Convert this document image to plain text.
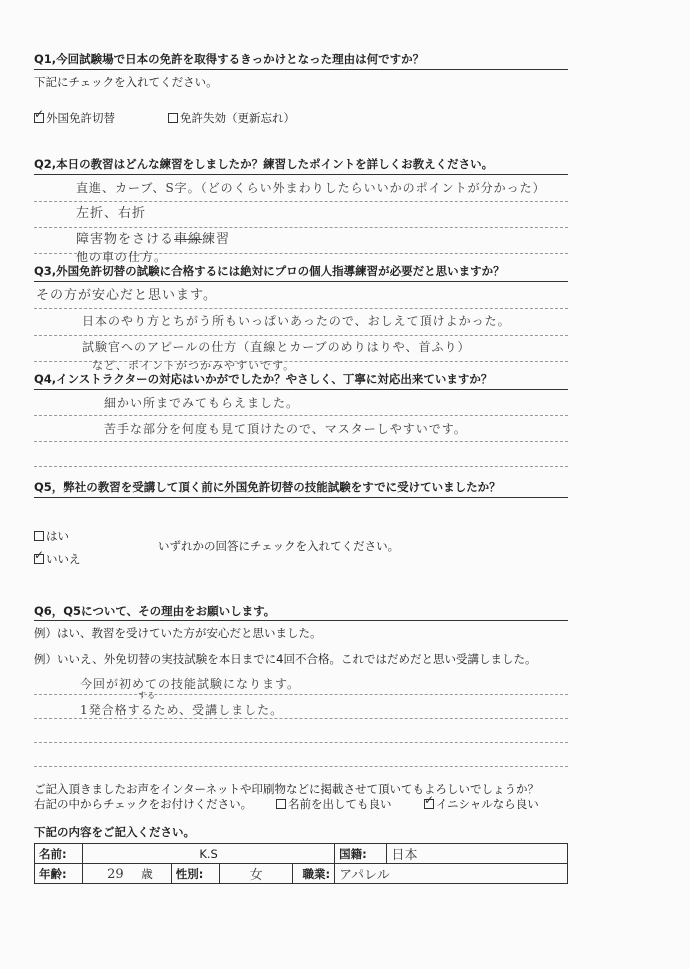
Q1,今回試験場で日本の免許を取得するきっかけとなった理由は何ですか？
下記にチェックを入れてください。
✓ 外国免許切替	免許失効（更新忘れ）
Q2,本日の教習はどんな練習をしましたか？練習したポイントを詳しくお教えください。
直進、カーブ、S字。（どのくらい外まわりしたらいいかのポイントが分かった）
左折、右折
障害物をさける車線練習
他の車の仕方。
Q3,外国免許切替の試験に合格するには絶対にプロの個人指導練習が必要だと思いますか？
その方が安心だと思います。
日本のやり方とちがう所もいっぱいあったので、おしえて頂けよかった。
試験官へのアピールの仕方（直線とカーブのめりはりや、首ふり）
など、ポイントがつかみやすいです。
Q4,インストラクターの対応はいかがでしたか？やさしく、丁寧に対応出来ていますか？
細かい所までみてもらえました。
苦手な部分を何度も見て頂けたので、マスターしやすいです。
Q5，弊社の教習を受講して頂く前に外国免許切替の技能試験をすでに受けていましたか？
はい
✓ いいえ
いずれかの回答にチェックを入れてください。
Q6，Q5について、その理由をお願いします。
例）はい、教習を受けていた方が安心だと思いました。
例）いいえ、外免切替の実技試験を本日までに4回不合格。これではだめだと思い受講しました。
今回が初めての技能試験になります。
する
1発合格するため、受講しました。
ご記入頂きましたお声をインターネットや印刷物などに掲載させて頂いてもよろしいでしょうか？
右記の中からチェックをお付けください。	名前を出しても良い	✓ イニシャルなら良い
下記の内容をご記入ください。
名前:	K.S				国籍:	日本
年齢:	29 歳	性別:	女	職業:	アパレル	
